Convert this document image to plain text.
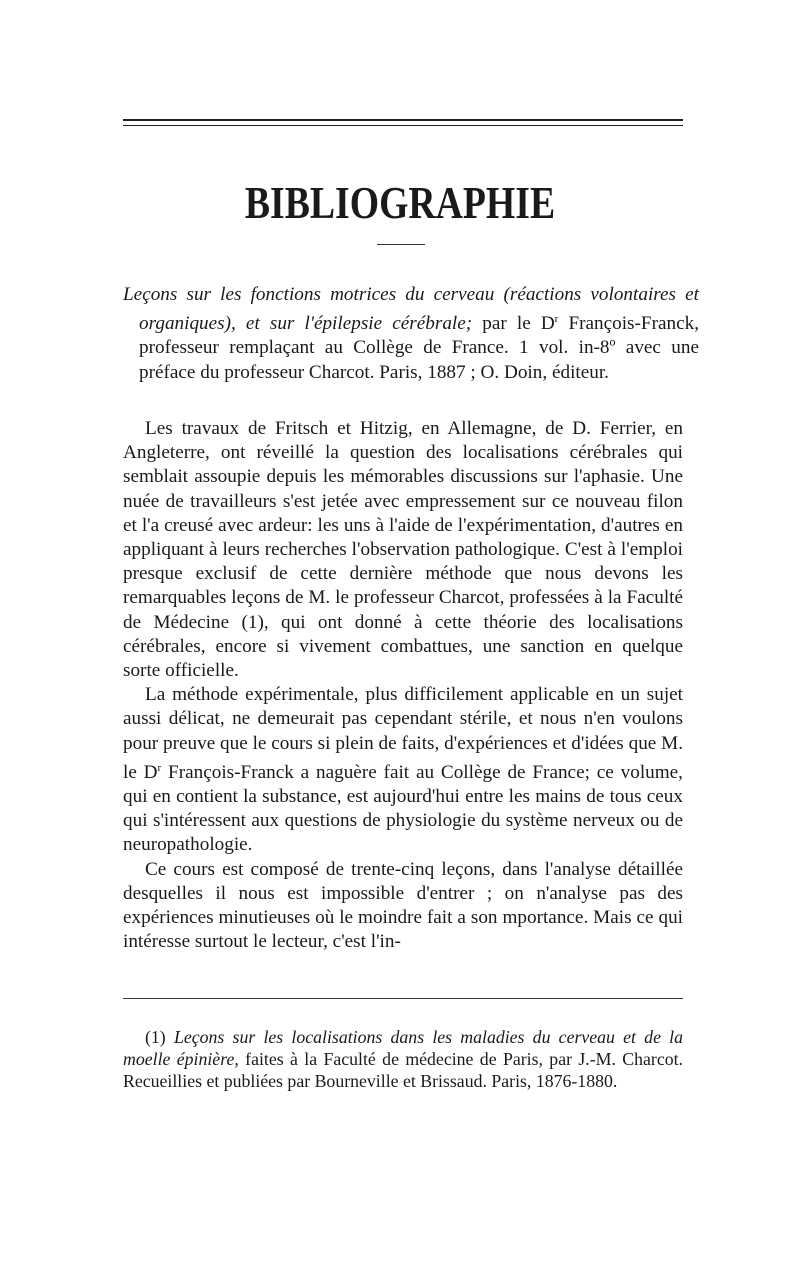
BIBLIOGRAPHIE
Leçons sur les fonctions motrices du cerveau (réactions volontaires et organiques), et sur l'épilepsie cérébrale; par le $D^r$ François-Franck, professeur remplaçant au Collège de France. 1 vol. in-8º avec une préface du professeur Charcot. Paris, 1887 ; O. Doin, éditeur.

Les travaux de Fritsch et Hitzig, en Allemagne, de D. Ferrier, en Angleterre, ont réveillé la question des localisations cérébrales qui semblait assoupie depuis les mémorables discussions sur l'aphasie. Une nuée de travailleurs s'est jetée avec empressement sur ce nouveau filon et l'a creusé avec ardeur: les uns à l'aide de l'expérimentation, d'autres en appliquant à leurs recherches l'observation pathologique. C'est à l'emploi presque exclusif de cette dernière méthode que nous devons les remarquables leçons de M. le professeur Charcot, professées à la Faculté de Médecine (1), qui ont donné à cette théorie des localisations cérébrales, encore si vivement combattues, une sanction en quelque sorte officielle.

La méthode expérimentale, plus difficilement applicable en un sujet aussi délicat, ne demeurait pas cependant stérile, et nous n'en voulons pour preuve que le cours si plein de faits, d'expériences et d'idées que M. le $D^r$ François-Franck a naguère fait au Collège de France; ce volume, qui en contient la substance, est aujourd'hui entre les mains de tous ceux qui s'intéressent aux questions de physiologie du système nerveux ou de neuropathologie.

Ce cours est composé de trente-cinq leçons, dans l'analyse détaillée desquelles il nous est impossible d'entrer ; on n'analyse pas des expériences minutieuses où le moindre fait a son mportance. Mais ce qui intéresse surtout le lecteur, c'est l'in-

(1) Leçons sur les localisations dans les maladies du cerveau et de la moelle épinière, faites à la Faculté de médecine de Paris, par J.-M. Charcot. Recueillies et publiées par Bourneville et Brissaud. Paris, 1876-1880.
